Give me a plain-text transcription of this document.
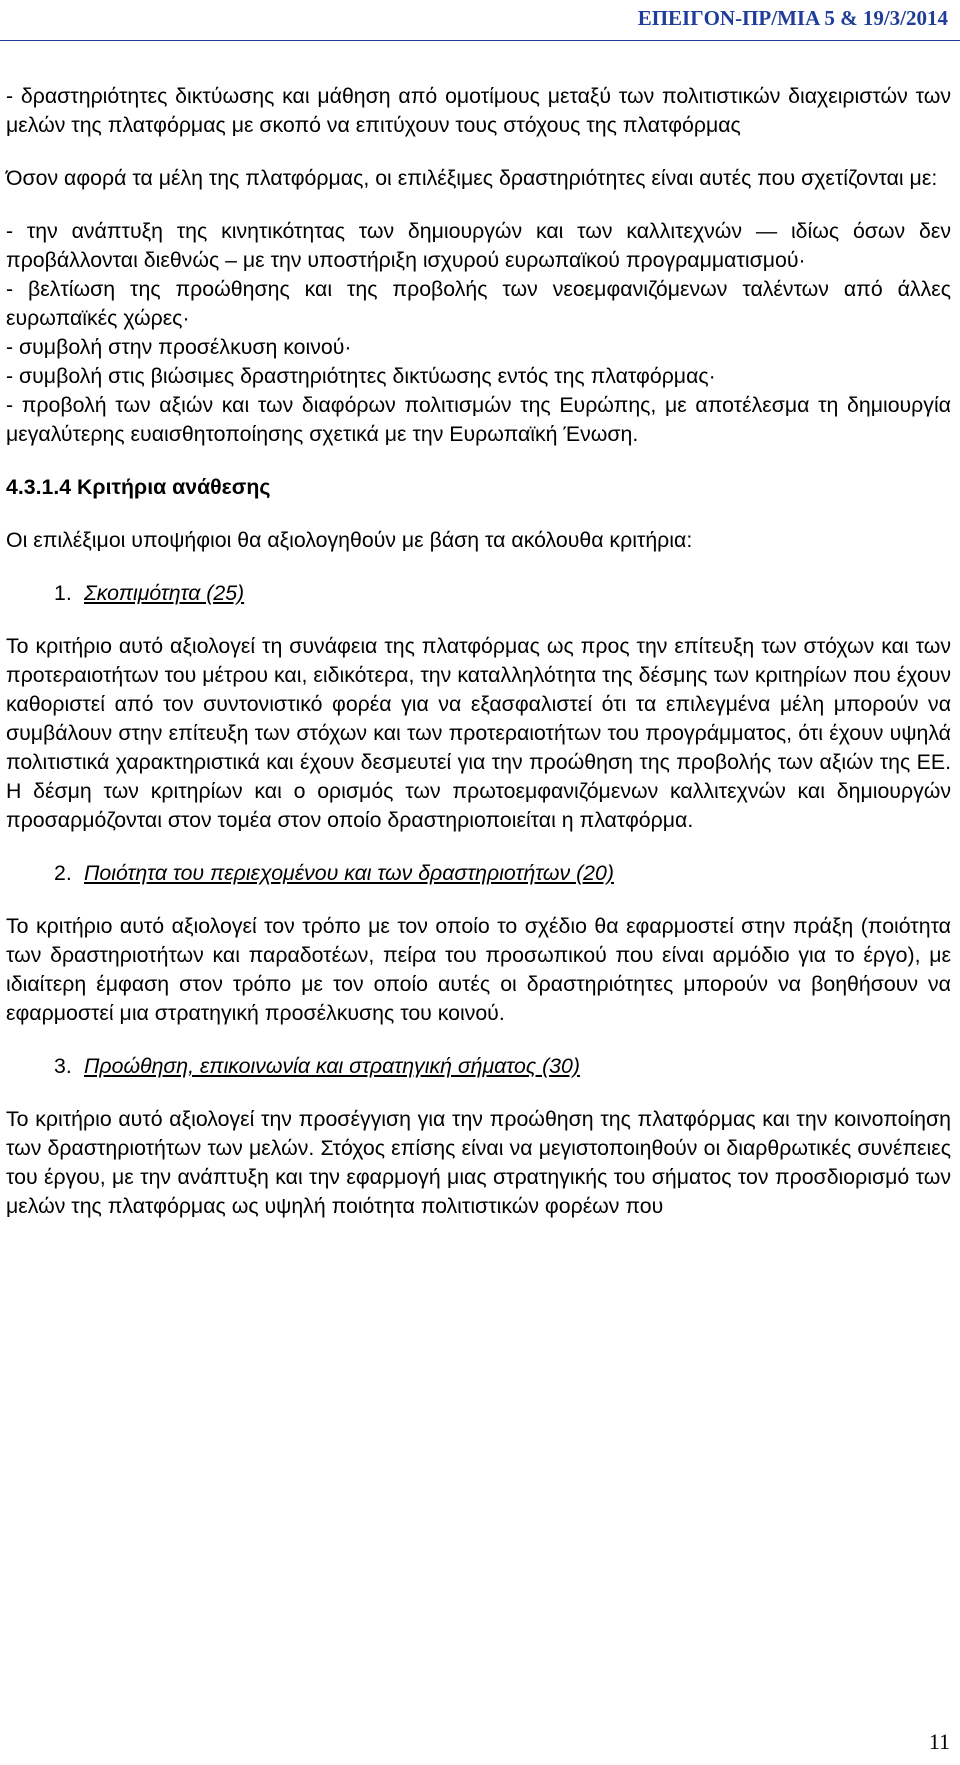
ΕΠΕΙΓΟΝ-ΠΡ/ΜΙΑ 5 & 19/3/2014

- δραστηριότητες δικτύωσης και μάθηση από ομοτίμους μεταξύ των πολιτιστικών διαχειριστών των μελών της πλατφόρμας με σκοπό να επιτύχουν τους στόχους της πλατφόρμας

Όσον αφορά τα μέλη της πλατφόρμας, οι επιλέξιμες δραστηριότητες είναι αυτές που σχετίζονται με:

- την ανάπτυξη της κινητικότητας των δημιουργών και των καλλιτεχνών — ιδίως όσων δεν προβάλλονται διεθνώς – με την υποστήριξη ισχυρού ευρωπαϊκού προγραμματισμού·

- βελτίωση της προώθησης και της προβολής των νεοεμφανιζόμενων ταλέντων από άλλες ευρωπαϊκές χώρες·

- συμβολή στην προσέλκυση κοινού·

- συμβολή στις βιώσιμες δραστηριότητες δικτύωσης εντός της πλατφόρμας·

- προβολή των αξιών και των διαφόρων πολιτισμών της Ευρώπης, με αποτέλεσμα τη δημιουργία μεγαλύτερης ευαισθητοποίησης σχετικά με την Ευρωπαϊκή Ένωση.

4.3.1.4 Κριτήρια ανάθεσης

Οι επιλέξιμοι υποψήφιοι θα αξιολογηθούν με βάση τα ακόλουθα κριτήρια:

1. Σκοπιμότητα (25)

Το κριτήριο αυτό αξιολογεί τη συνάφεια της πλατφόρμας ως προς την επίτευξη των στόχων και των προτεραιοτήτων του μέτρου και, ειδικότερα, την καταλληλότητα της δέσμης των κριτηρίων που έχουν καθοριστεί από τον συντονιστικό φορέα για να εξασφαλιστεί ότι τα επιλεγμένα μέλη μπορούν να συμβάλουν στην επίτευξη των στόχων και των προτεραιοτήτων του προγράμματος, ότι έχουν υψηλά πολιτιστικά χαρακτηριστικά και έχουν δεσμευτεί για την προώθηση της προβολής των αξιών της ΕΕ. Η δέσμη των κριτηρίων και ο ορισμός των πρωτοεμφανιζόμενων καλλιτεχνών και δημιουργών προσαρμόζονται στον τομέα στον οποίο δραστηριοποιείται η πλατφόρμα.

2. Ποιότητα του περιεχομένου και των δραστηριοτήτων (20)

Το κριτήριο αυτό αξιολογεί τον τρόπο με τον οποίο το σχέδιο θα εφαρμοστεί στην πράξη (ποιότητα των δραστηριοτήτων και παραδοτέων, πείρα του προσωπικού που είναι αρμόδιο για το έργο), με ιδιαίτερη έμφαση στον τρόπο με τον οποίο αυτές οι δραστηριότητες μπορούν να βοηθήσουν να εφαρμοστεί μια στρατηγική προσέλκυσης του κοινού.

3. Προώθηση, επικοινωνία και στρατηγική σήματος (30)

Το κριτήριο αυτό αξιολογεί την προσέγγιση για την προώθηση της πλατφόρμας και την κοινοποίηση των δραστηριοτήτων των μελών. Στόχος επίσης είναι να μεγιστοποιηθούν οι διαρθρωτικές συνέπειες του έργου, με την ανάπτυξη και την εφαρμογή μιας στρατηγικής του σήματος τον προσδιορισμό των μελών της πλατφόρμας ως υψηλή ποιότητα πολιτιστικών φορέων που

11
